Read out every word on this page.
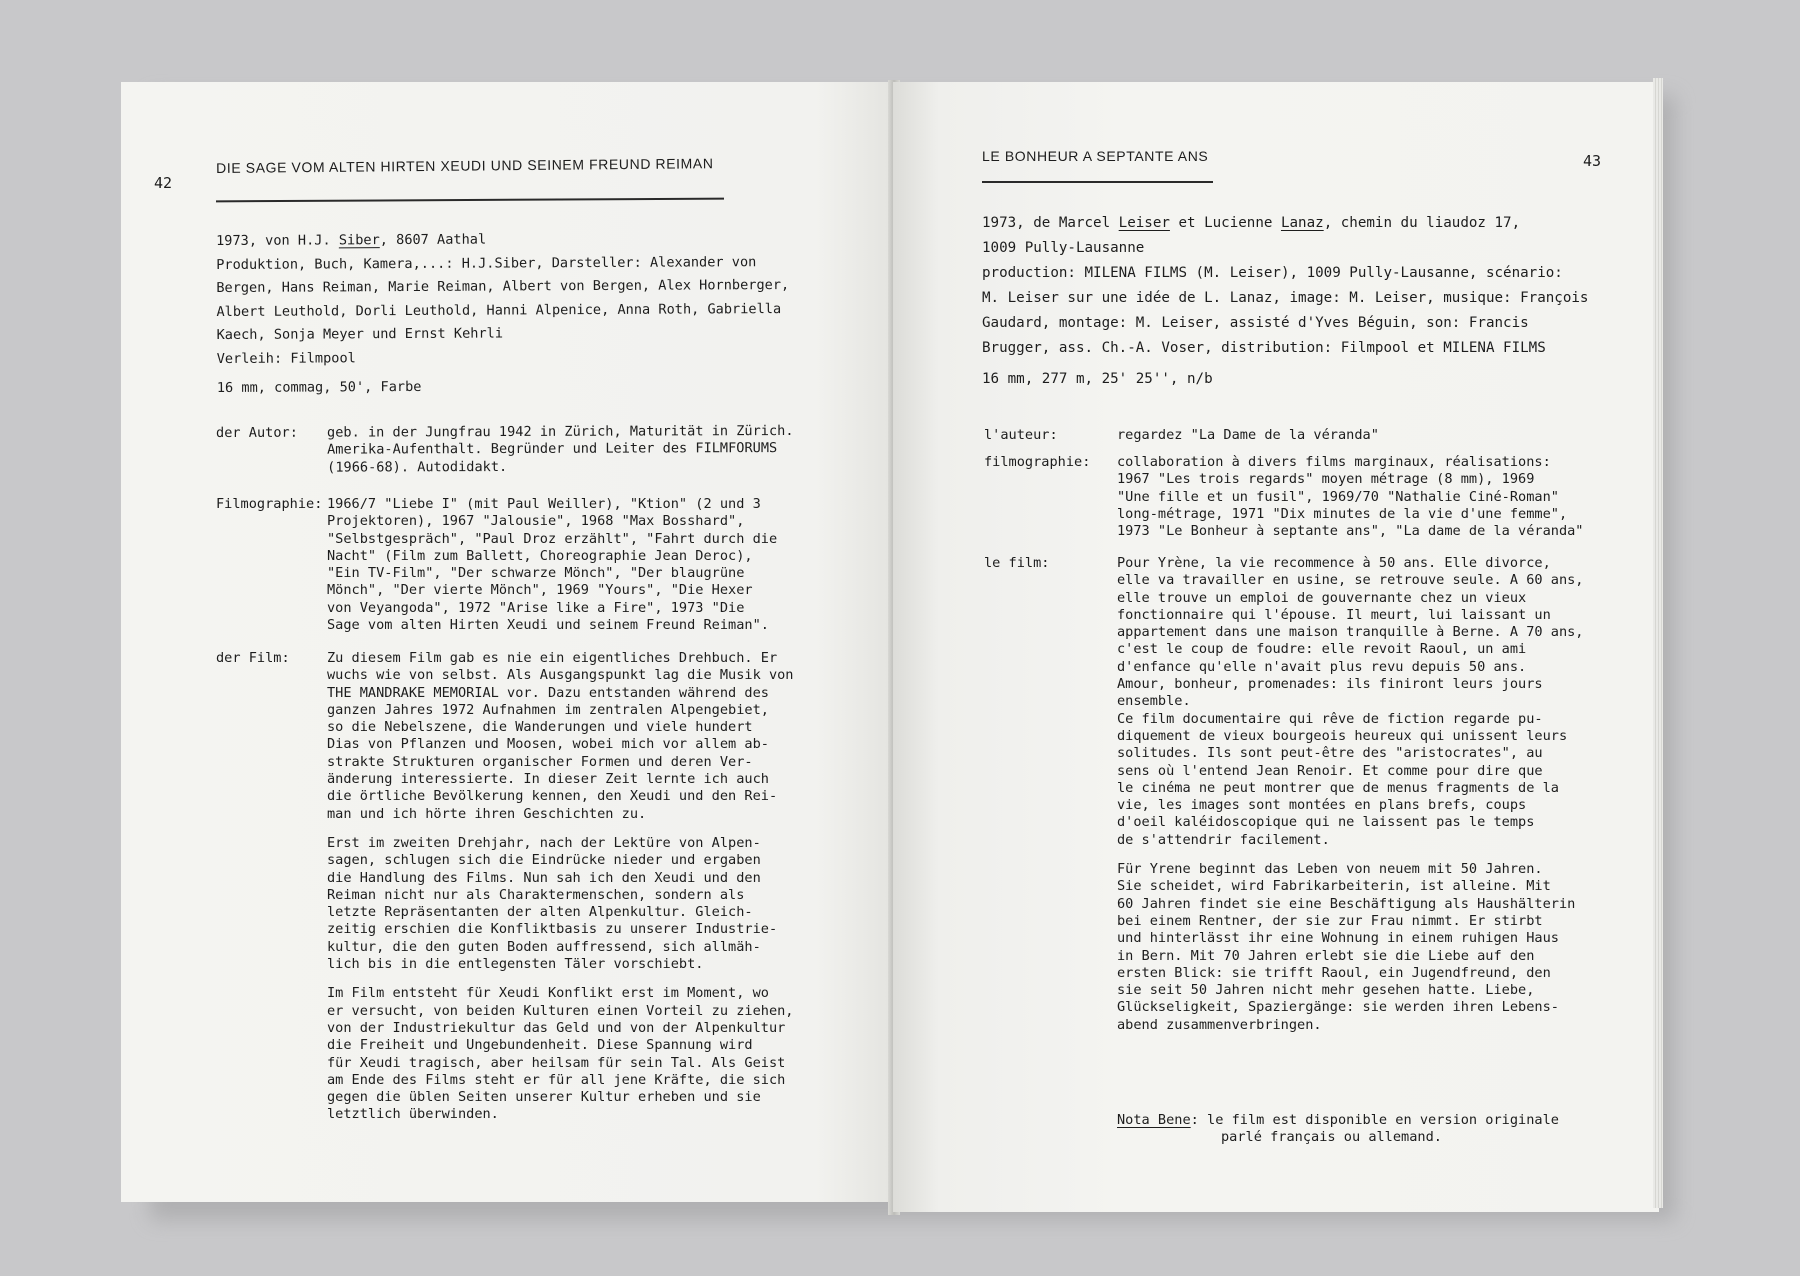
42
DIE SAGE VOM ALTEN HIRTEN XEUDI UND SEINEM FREUND REIMAN
1973, von H.J. Siber, 8607 Aathal
Produktion, Buch, Kamera,...: H.J.Siber, Darsteller: Alexander von
Bergen, Hans Reiman, Marie Reiman, Albert von Bergen, Alex Hornberger,
Albert Leuthold, Dorli Leuthold, Hanni Alpenice, Anna Roth, Gabriella
Kaech, Sonja Meyer und Ernst Kehrli
Verleih: Filmpool
16 mm, commag, 50', Farbe
der Autor: geb. in der Jungfrau 1942 in Zürich, Maturität in Zürich.
Amerika-Aufenthalt. Begründer und Leiter des FILMFORUMS
(1966-68). Autodidakt.
Filmographie: 1966/7 "Liebe I" (mit Paul Weiller), "Ktion" (2 und 3
Projektoren), 1967 "Jalousie", 1968 "Max Bosshard",
"Selbstgespräch", "Paul Droz erzählt", "Fahrt durch die
Nacht" (Film zum Ballett, Choreographie Jean Deroc),
"Ein TV-Film", "Der schwarze Mönch", "Der blaugrüne
Mönch", "Der vierte Mönch", 1969 "Yours", "Die Hexer
von Veyangoda", 1972 "Arise like a Fire", 1973 "Die
Sage vom alten Hirten Xeudi und seinem Freund Reiman".
der Film:	Zu diesem Film gab es nie ein eigentliches Drehbuch. Er
wuchs wie von selbst. Als Ausgangspunkt lag die Musik von
THE MANDRAKE MEMORIAL vor. Dazu entstanden während des
ganzen Jahres 1972 Aufnahmen im zentralen Alpengebiet,
so die Nebelszene, die Wanderungen und viele hundert
Dias von Pflanzen und Moosen, wobei mich vor allem ab-
strakte Strukturen organischer Formen und deren Ver-
änderung interessierte. In dieser Zeit lernte ich auch
die örtliche Bevölkerung kennen, den Xeudi und den Rei-
man und ich hörte ihren Geschichten zu.
Erst im zweiten Drehjahr, nach der Lektüre von Alpen-
sagen, schlugen sich die Eindrücke nieder und ergaben
die Handlung des Films. Nun sah ich den Xeudi und den
Reiman nicht nur als Charaktermenschen, sondern als
letzte Repräsentanten der alten Alpenkultur. Gleich-
zeitig erschien die Konfliktbasis zu unserer Industrie-
kultur, die den guten Boden auffressend, sich allmäh-
lich bis in die entlegensten Täler vorschiebt.
Im Film entsteht für Xeudi Konflikt erst im Moment, wo
er versucht, von beiden Kulturen einen Vorteil zu ziehen,
von der Industriekultur das Geld und von der Alpenkultur
die Freiheit und Ungebundenheit. Diese Spannung wird
für Xeudi tragisch, aber heilsam für sein Tal. Als Geist
am Ende des Films steht er für all jene Kräfte, die sich
gegen die üblen Seiten unserer Kultur erheben und sie
letztlich überwinden.
LE BONHEUR A SEPTANTE ANS	43
1973, de Marcel Leiser et Lucienne Lanaz, chemin du liaudoz 17,
1009 Pully-Lausanne
production: MILENA FILMS (M. Leiser), 1009 Pully-Lausanne, scénario:
M. Leiser sur une idée de L. Lanaz, image: M. Leiser, musique: François
Gaudard, montage: M. Leiser, assisté d'Yves Béguin, son: Francis
Brugger, ass. Ch.-A. Voser, distribution: Filmpool et MILENA FILMS
16 mm, 277 m, 25' 25'', n/b
l'auteur:	regardez "La Dame de la véranda"
filmographie: collaboration à divers films marginaux, réalisations:
1967 "Les trois regards" moyen métrage (8 mm), 1969
"Une fille et un fusil", 1969/70 "Nathalie Ciné-Roman"
long-métrage, 1971 "Dix minutes de la vie d'une femme",
1973 "Le Bonheur à septante ans", "La dame de la véranda"
le film:	Pour Yrène, la vie recommence à 50 ans. Elle divorce,
elle va travailler en usine, se retrouve seule. A 60 ans,
elle trouve un emploi de gouvernante chez un vieux
fonctionnaire qui l'épouse. Il meurt, lui laissant un
appartement dans une maison tranquille à Berne. A 70 ans,
c'est le coup de foudre: elle revoit Raoul, un ami
d'enfance qu'elle n'avait plus revu depuis 50 ans.
Amour, bonheur, promenades: ils finiront leurs jours
ensemble.
Ce film documentaire qui rêve de fiction regarde pu-
diquement de vieux bourgeois heureux qui unissent leurs
solitudes. Ils sont peut-être des "aristocrates", au
sens où l'entend Jean Renoir. Et comme pour dire que
le cinéma ne peut montrer que de menus fragments de la
vie, les images sont montées en plans brefs, coups
d'oeil kaléidoscopique qui ne laissent pas le temps
de s'attendrir facilement.
Für Yrene beginnt das Leben von neuem mit 50 Jahren.
Sie scheidet, wird Fabrikarbeiterin, ist alleine. Mit
60 Jahren findet sie eine Beschäftigung als Haushälterin
bei einem Rentner, der sie zur Frau nimmt. Er stirbt
und hinterlässt ihr eine Wohnung in einem ruhigen Haus
in Bern. Mit 70 Jahren erlebt sie die Liebe auf den
ersten Blick: sie trifft Raoul, ein Jugendfreund, den
sie seit 50 Jahren nicht mehr gesehen hatte. Liebe,
Glückseligkeit, Spaziergänge: sie werden ihren Lebens-
abend zusammenverbringen.
Nota Bene: le film est disponible en version originale
parlé français ou allemand.
